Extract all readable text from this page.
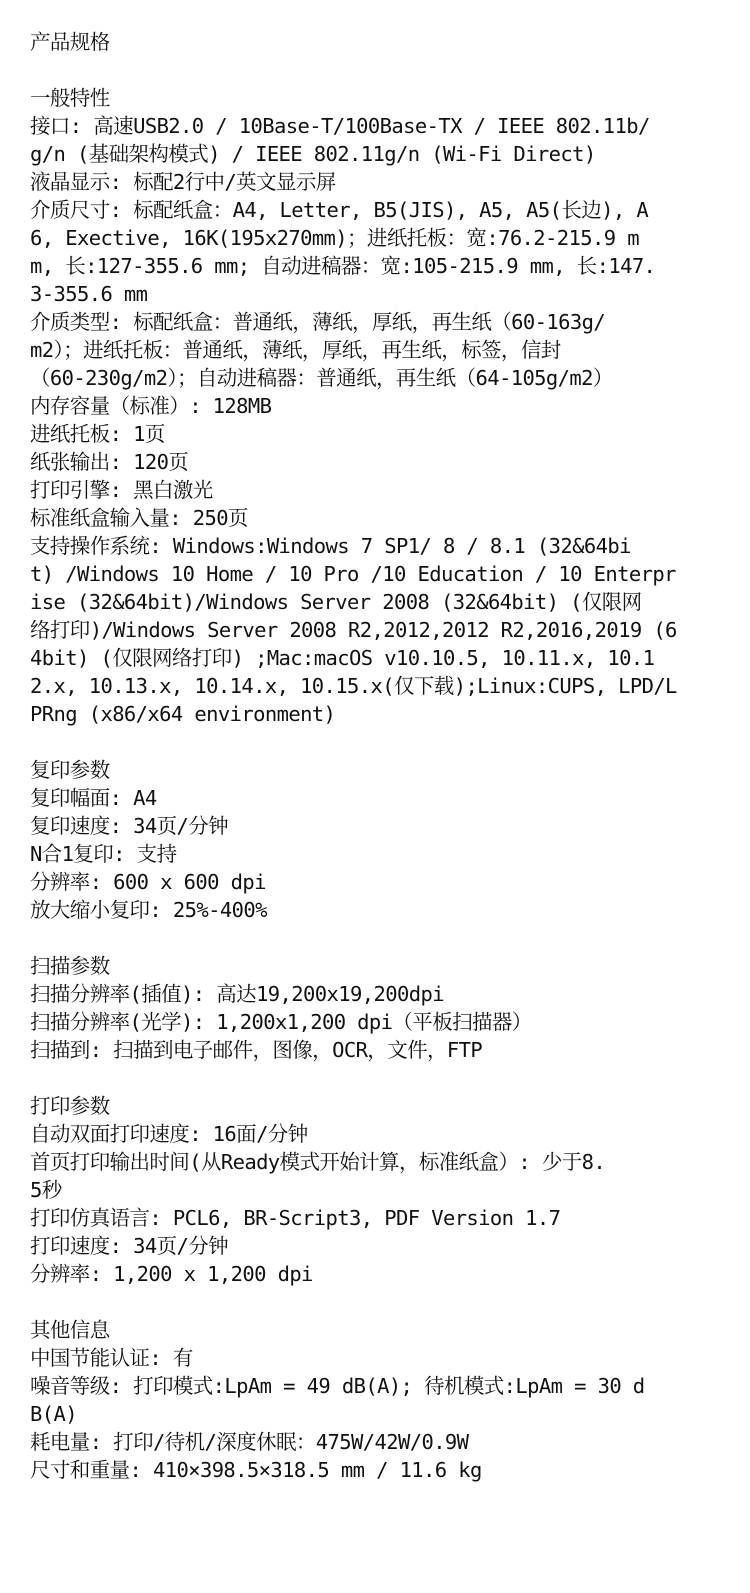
产品规格
一般特性
接口: 高速USB2.0 / 10Base-T/100Base-TX / IEEE 802.11b/
g/n (基础架构模式) / IEEE 802.11g/n (Wi-Fi Direct)
液晶显示: 标配2行中/英文显示屏
介质尺寸: 标配纸盒：A4, Letter, B5(JIS), A5, A5(长边), A
6, Exective, 16K(195x270mm)；进纸托板：宽:76.2-215.9 m
m, 长:127-355.6 mm; 自动进稿器：宽:105-215.9 mm, 长:147.
3-355.6 mm
介质类型: 标配纸盒：普通纸，薄纸，厚纸，再生纸（60-163g/
m2）；进纸托板：普通纸，薄纸，厚纸，再生纸，标签，信封
（60-230g/m2）；自动进稿器：普通纸，再生纸（64-105g/m2）
内存容量（标准）: 128MB
进纸托板: 1页
纸张输出: 120页
打印引擎: 黑白激光
标准纸盒输入量: 250页
支持操作系统: Windows:Windows 7 SP1/ 8 / 8.1 (32&64bi
t) /Windows 10 Home / 10 Pro /10 Education / 10 Enterpr
ise (32&64bit)/Windows Server 2008 (32&64bit) (仅限网
络打印)/Windows Server 2008 R2,2012,2012 R2,2016,2019 (6
4bit) (仅限网络打印) ;Mac:macOS v10.10.5, 10.11.x, 10.1
2.x, 10.13.x, 10.14.x, 10.15.x(仅下载);Linux:CUPS, LPD/L
PRng (x86/x64 environment)
复印参数
复印幅面: A4
复印速度: 34页/分钟
N合1复印: 支持
分辨率: 600 x 600 dpi
放大缩小复印: 25%-400%
扫描参数
扫描分辨率(插值): 高达19,200x19,200dpi
扫描分辨率(光学): 1,200x1,200 dpi（平板扫描器）
扫描到: 扫描到电子邮件，图像，OCR，文件，FTP
打印参数
自动双面打印速度: 16面/分钟
首页打印输出时间(从Ready模式开始计算，标准纸盒）: 少于8.
5秒
打印仿真语言: PCL6, BR-Script3, PDF Version 1.7
打印速度: 34页/分钟
分辨率: 1,200 x 1,200 dpi
其他信息
中国节能认证: 有
噪音等级: 打印模式:LpAm = 49 dB(A); 待机模式:LpAm = 30 d
B(A)
耗电量: 打印/待机/深度休眠：475W/42W/0.9W
尺寸和重量: 410×398.5×318.5 mm / 11.6 kg
